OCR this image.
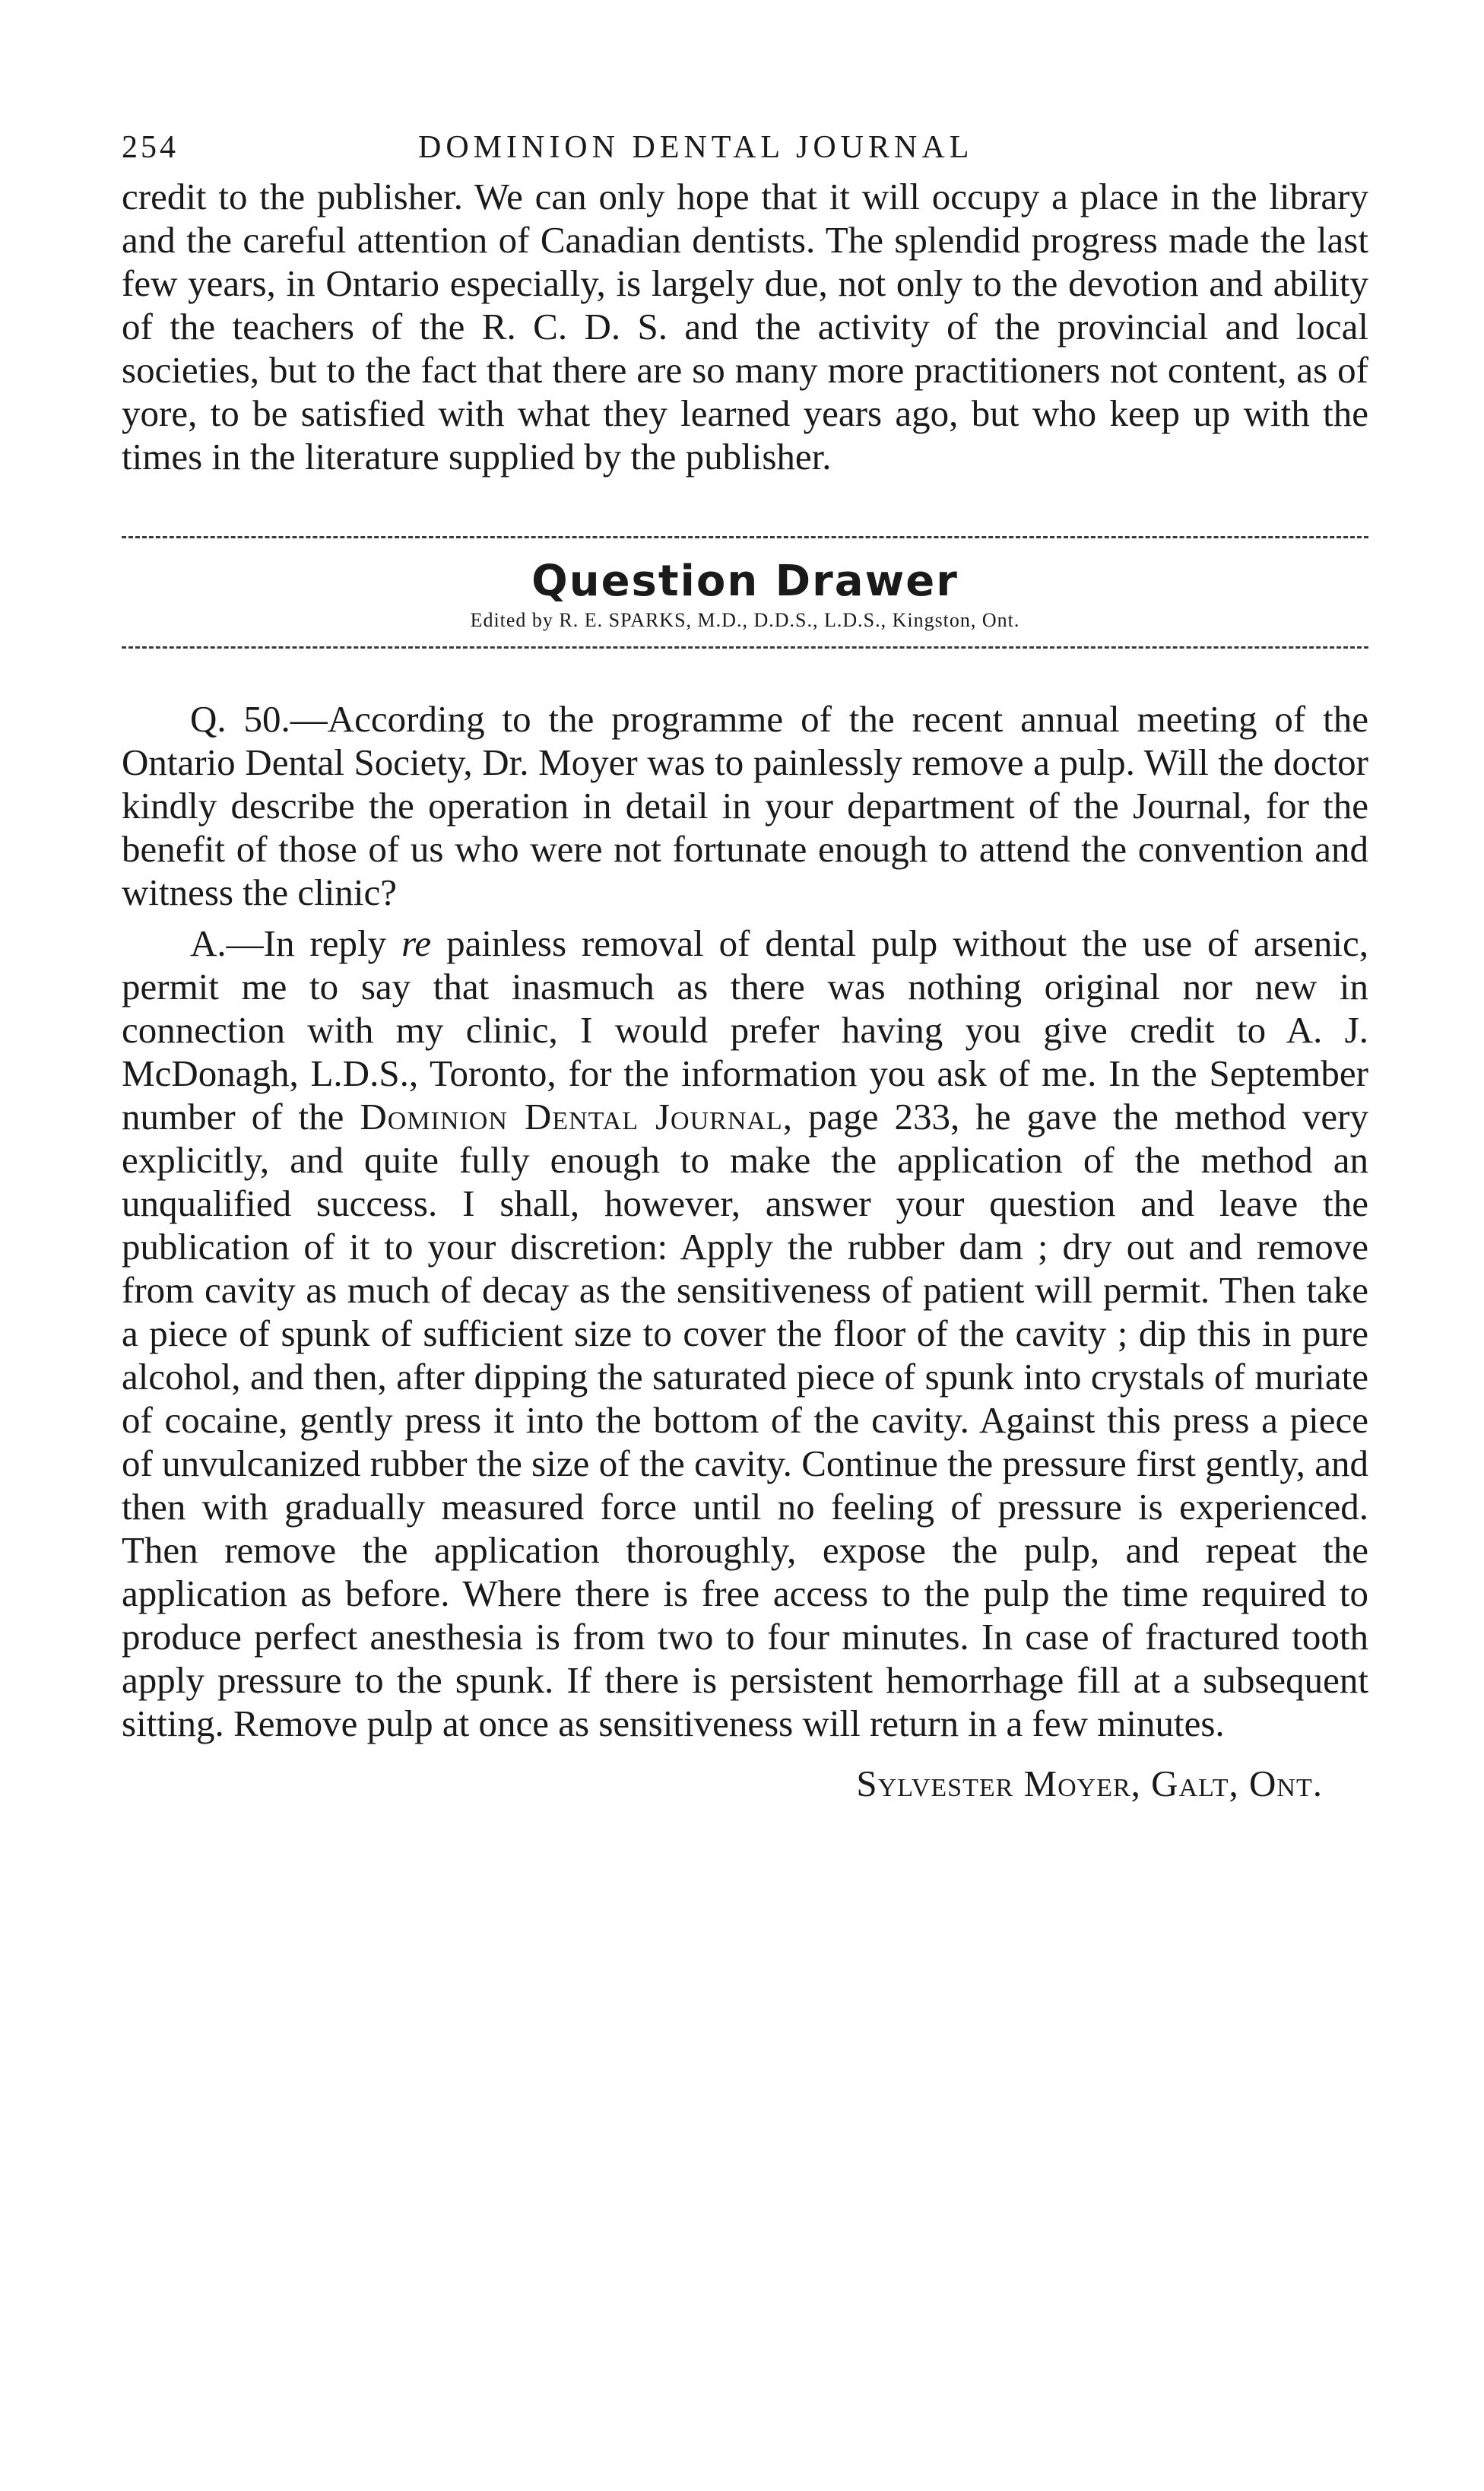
254	DOMINION DENTAL JOURNAL

credit to the publisher. We can only hope that it will occupy a place in the library and the careful attention of Canadian dentists. The splendid progress made the last few years, in Ontario especially, is largely due, not only to the devotion and ability of the teachers of the R. C. D. S. and the activity of the provincial and local societies, but to the fact that there are so many more practitioners not content, as of yore, to be satisfied with what they learned years ago, but who keep up with the times in the literature supplied by the publisher.

Question Drawer
Edited by R. E. SPARKS, M.D., D.D.S., L.D.S., Kingston, Ont.

Q. 50.—According to the programme of the recent annual meeting of the Ontario Dental Society, Dr. Moyer was to painlessly remove a pulp. Will the doctor kindly describe the operation in detail in your department of the Journal, for the benefit of those of us who were not fortunate enough to attend the convention and witness the clinic?

A.—In reply re painless removal of dental pulp without the use of arsenic, permit me to say that inasmuch as there was nothing original nor new in connection with my clinic, I would prefer having you give credit to A. J. McDonagh, L.D.S., Toronto, for the information you ask of me. In the September number of the Dominion Dental Journal, page 233, he gave the method very explicitly, and quite fully enough to make the application of the method an unqualified success. I shall, however, answer your question and leave the publication of it to your discretion: Apply the rubber dam ; dry out and remove from cavity as much of decay as the sensitiveness of patient will permit. Then take a piece of spunk of sufficient size to cover the floor of the cavity ; dip this in pure alcohol, and then, after dipping the saturated piece of spunk into crystals of muriate of cocaine, gently press it into the bottom of the cavity. Against this press a piece of unvulcanized rubber the size of the cavity. Continue the pressure first gently, and then with gradually measured force until no feeling of pressure is experienced. Then remove the application thoroughly, expose the pulp, and repeat the application as before. Where there is free access to the pulp the time required to produce perfect anesthesia is from two to four minutes. In case of fractured tooth apply pressure to the spunk. If there is persistent hemorrhage fill at a subsequent sitting. Remove pulp at once as sensitiveness will return in a few minutes.

Sylvester Moyer, Galt, Ont.
